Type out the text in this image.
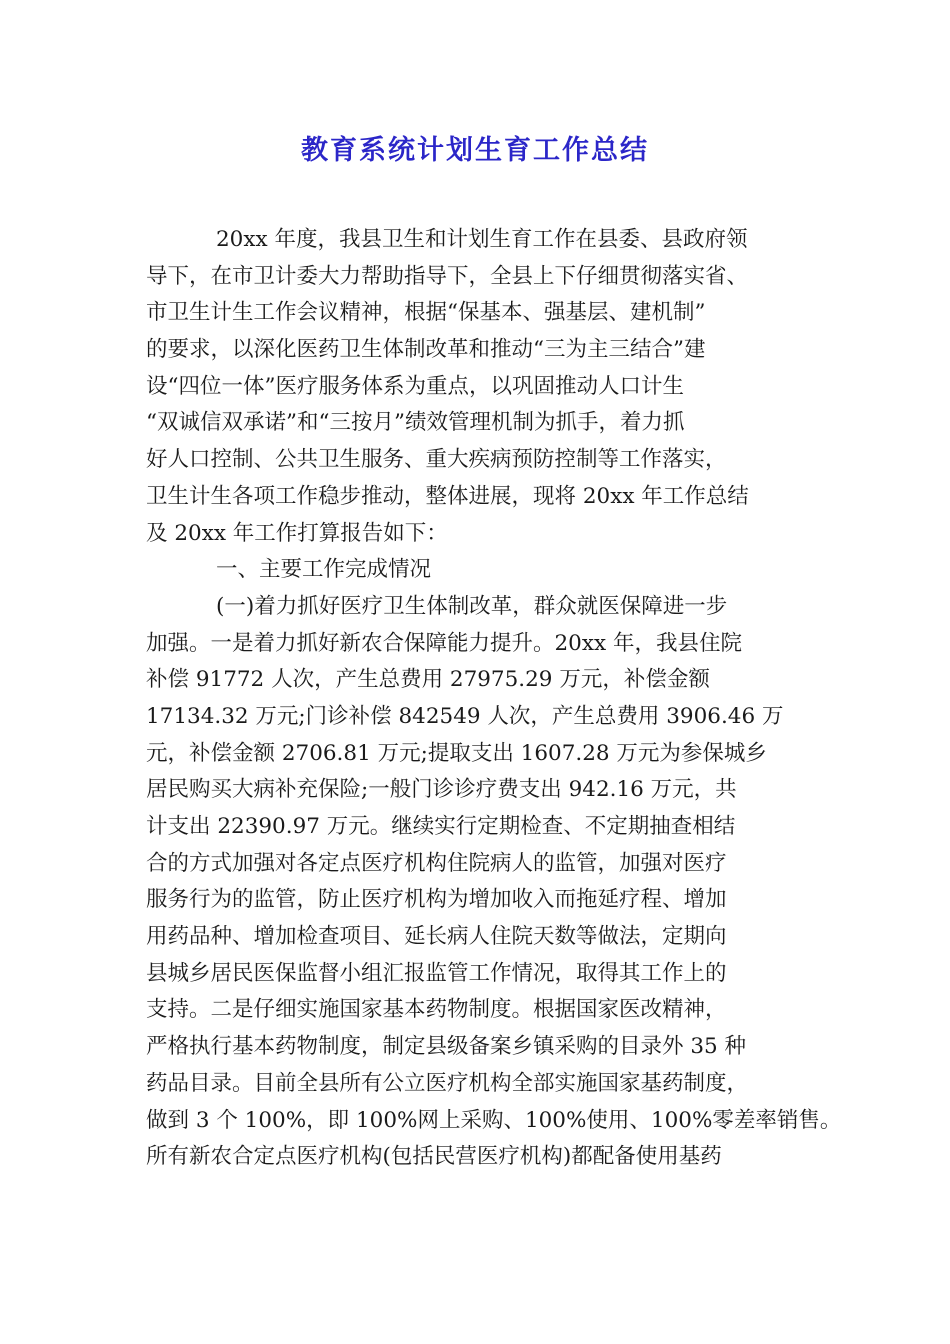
教育系统计划生育工作总结

20xx 年度，我县卫生和计划生育工作在县委、县政府领

导下，在市卫计委大力帮助指导下，全县上下仔细贯彻落实省、

市卫生计生工作会议精神，根据“保基本、强基层、建机制”

的要求，以深化医药卫生体制改革和推动“三为主三结合”建

设“四位一体”医疗服务体系为重点，以巩固推动人口计生

“双诚信双承诺”和“三按月”绩效管理机制为抓手，着力抓

好人口控制、公共卫生服务、重大疾病预防控制等工作落实，

卫生计生各项工作稳步推动，整体进展，现将 20xx 年工作总结

及 20xx 年工作打算报告如下：

一、主要工作完成情况

(一)着力抓好医疗卫生体制改革，群众就医保障进一步

加强。一是着力抓好新农合保障能力提升。20xx 年，我县住院

补偿 91772 人次，产生总费用 27975.29 万元，补偿金额

17134.32 万元;门诊补偿 842549 人次，产生总费用 3906.46 万

元，补偿金额 2706.81 万元;提取支出 1607.28 万元为参保城乡

居民购买大病补充保险;一般门诊诊疗费支出 942.16 万元，共

计支出 22390.97 万元。继续实行定期检查、不定期抽查相结

合的方式加强对各定点医疗机构住院病人的监管，加强对医疗

服务行为的监管，防止医疗机构为增加收入而拖延疗程、增加

用药品种、增加检查项目、延长病人住院天数等做法，定期向

县城乡居民医保监督小组汇报监管工作情况，取得其工作上的

支持。二是仔细实施国家基本药物制度。根据国家医改精神，

严格执行基本药物制度，制定县级备案乡镇采购的目录外 35 种

药品目录。目前全县所有公立医疗机构全部实施国家基药制度，

做到 3 个 100%，即 100%网上采购、100%使用、100%零差率销售。

所有新农合定点医疗机构(包括民营医疗机构)都配备使用基药
